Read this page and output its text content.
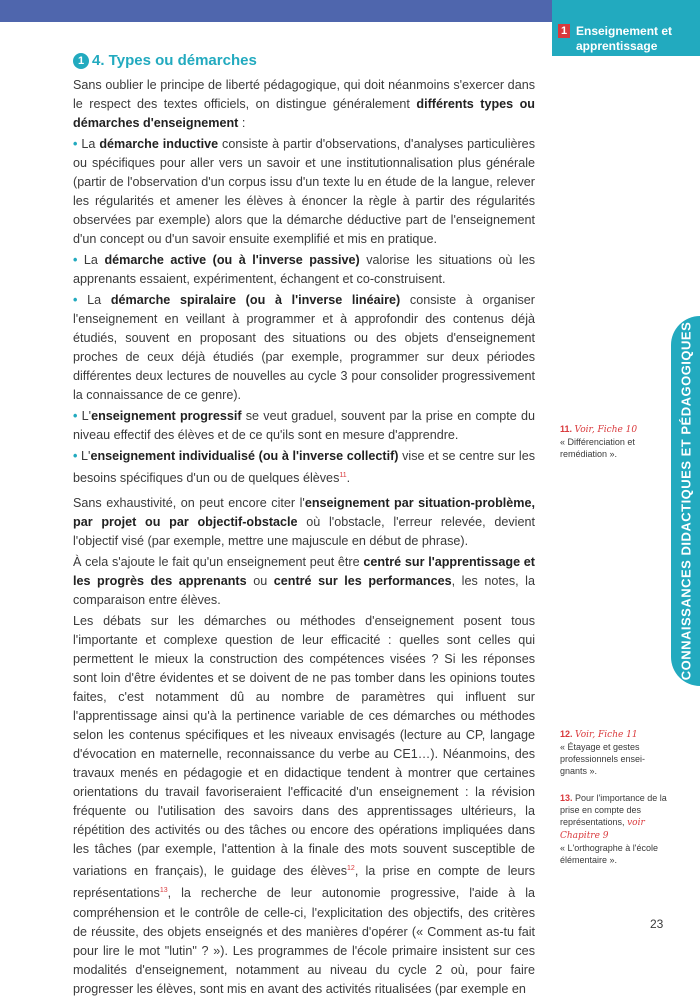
1 Enseignement et apprentissage
CONNAISSANCES DIDACTIQUES ET PÉDAGOGIQUES
1 4. Types ou démarches

Sans oublier le principe de liberté pédagogique, qui doit néanmoins s'exercer dans le respect des textes officiels, on distingue généralement différents types ou démarches d'enseignement :

• La démarche inductive consiste à partir d'observations, d'analyses particulières ou spécifiques pour aller vers un savoir et une institutionnalisation plus générale (partir de l'observation d'un corpus issu d'un texte lu en étude de la langue, relever les régularités et amener les élèves à énoncer la règle à partir des régularités observées par exemple) alors que la démarche déductive part de l'enseignement d'un concept ou d'un savoir ensuite exemplifié et mis en pratique.

• La démarche active (ou à l'inverse passive) valorise les situations où les apprenants essaient, expérimentent, échangent et co-construisent.

• La démarche spiralaire (ou à l'inverse linéaire) consiste à organiser l'enseignement en veillant à programmer et à approfondir des contenus déjà étudiés, souvent en proposant des situations ou des objets d'enseignement proches de ceux déjà étudiés (par exemple, programmer sur deux périodes différentes deux lectures de nouvelles au cycle 3 pour consolider progressivement la connaissance de ce genre).

• L'enseignement progressif se veut graduel, souvent par la prise en compte du niveau effectif des élèves et de ce qu'ils sont en mesure d'apprendre.

• L'enseignement individualisé (ou à l'inverse collectif) vise et se centre sur les besoins spécifiques d'un ou de quelques élèves$^{11}$.

Sans exhaustivité, on peut encore citer l'enseignement par situation-problème, par projet ou par objectif-obstacle où l'obstacle, l'erreur relevée, devient l'objectif visé (par exemple, mettre une majuscule en début de phrase).

À cela s'ajoute le fait qu'un enseignement peut être centré sur l'apprentissage et les progrès des apprenants ou centré sur les performances, les notes, la comparaison entre élèves.

Les débats sur les démarches ou méthodes d'enseignement posent tous l'importante et complexe question de leur efficacité : quelles sont celles qui permettent le mieux la construction des compétences visées ? Si les réponses sont loin d'être évidentes et se doivent de ne pas tomber dans les opinions toutes faites, c'est notamment dû au nombre de paramètres qui influent sur l'apprentissage ainsi qu'à la pertinence variable de ces démarches ou méthodes selon les contenus spécifiques et les niveaux envisagés (lecture au CP, langage d'évocation en maternelle, reconnaissance du verbe au CE1…). Néanmoins, des travaux menés en pédagogie et en didactique tendent à montrer que certaines orientations du travail favoriseraient l'efficacité d'un enseignement : la révision fréquente ou l'utilisation des savoirs dans des apprentissages ultérieurs, la répétition des activités ou des tâches ou encore des opérations impliquées dans les tâches (par exemple, l'attention à la finale des mots souvent susceptible de variations en français), le guidage des élèves$^{12}$, la prise en compte de leurs représentations$^{13}$, la recherche de leur autonomie progressive, l'aide à la compréhension et le contrôle de celle-ci, l'explicitation des objectifs, des critères de réussite, des objets enseignés et des manières d'opérer (« Comment as-tu fait pour lire le mot "lutin" ? »). Les programmes de l'école primaire insistent sur ces modalités d'enseignement, notamment au niveau du cycle 2 où, pour faire progresser les élèves, sont mis en avant des activités ritualisées (par exemple en

11. Voir, Fiche 10
« Différenciation et remédiation ».
12. Voir, Fiche 11
« Étayage et gestes professionnels ensei-gnants ».
13. Pour l'importance de la prise en compte des représentations, voir Chapitre 9
« L'orthographe à l'école élémentaire ».
23
